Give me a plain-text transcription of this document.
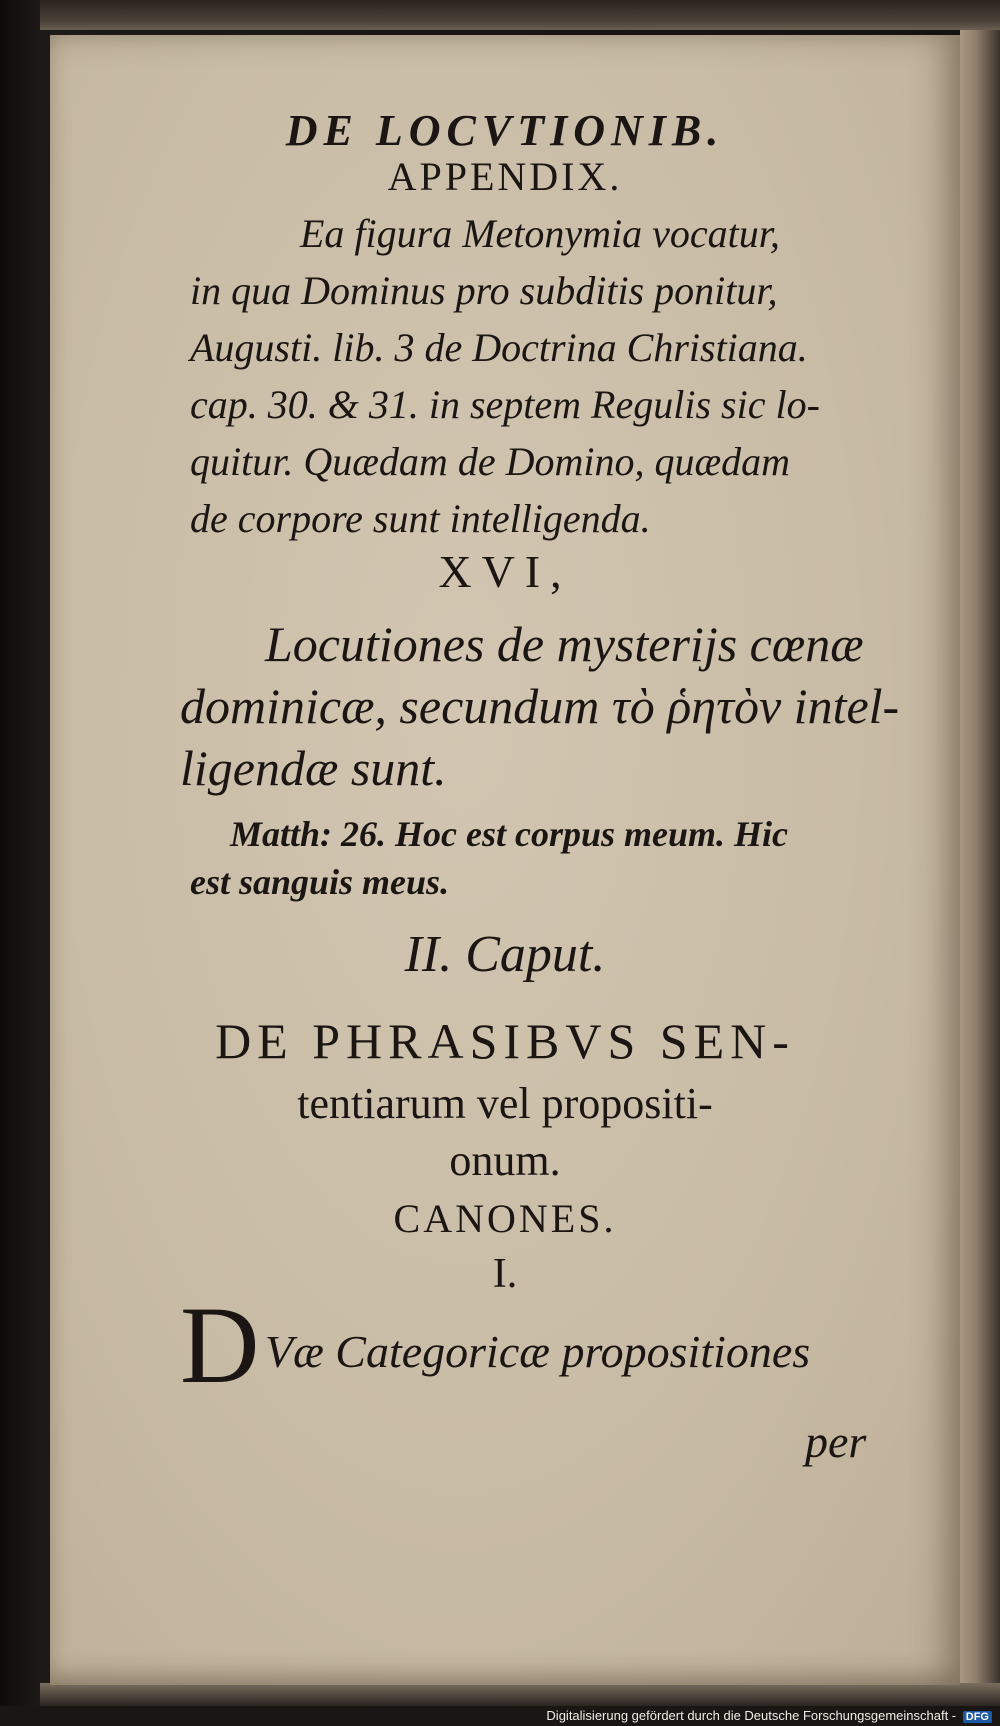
DE LOCVTIONIB.
APPENDIX.
Ea figura Metonymia vocatur,
in qua Dominus pro subditis ponitur,
Augusti. lib. 3 de Doctrina Christiana.
cap. 30. & 31. in septem Regulis sic lo-
quitur. Quædam de Domino, quædam
de corpore sunt intelligenda.
XVI,
Locutiones de mysterijs cœnæ
dominicæ, secundum τὸ ῥητὸν intel-
ligendæ sunt.
Matth: 26. Hoc est corpus meum. Hic
est sanguis meus.
II. Caput.
DE PHRASIBVS SEN-
tentiarum vel propositi-
onum.
CANONES.
I.
D Væ Categoricæ propositiones
per
Digitalisierung gefördert durch die Deutsche Forschungsgemeinschaft - DFG
